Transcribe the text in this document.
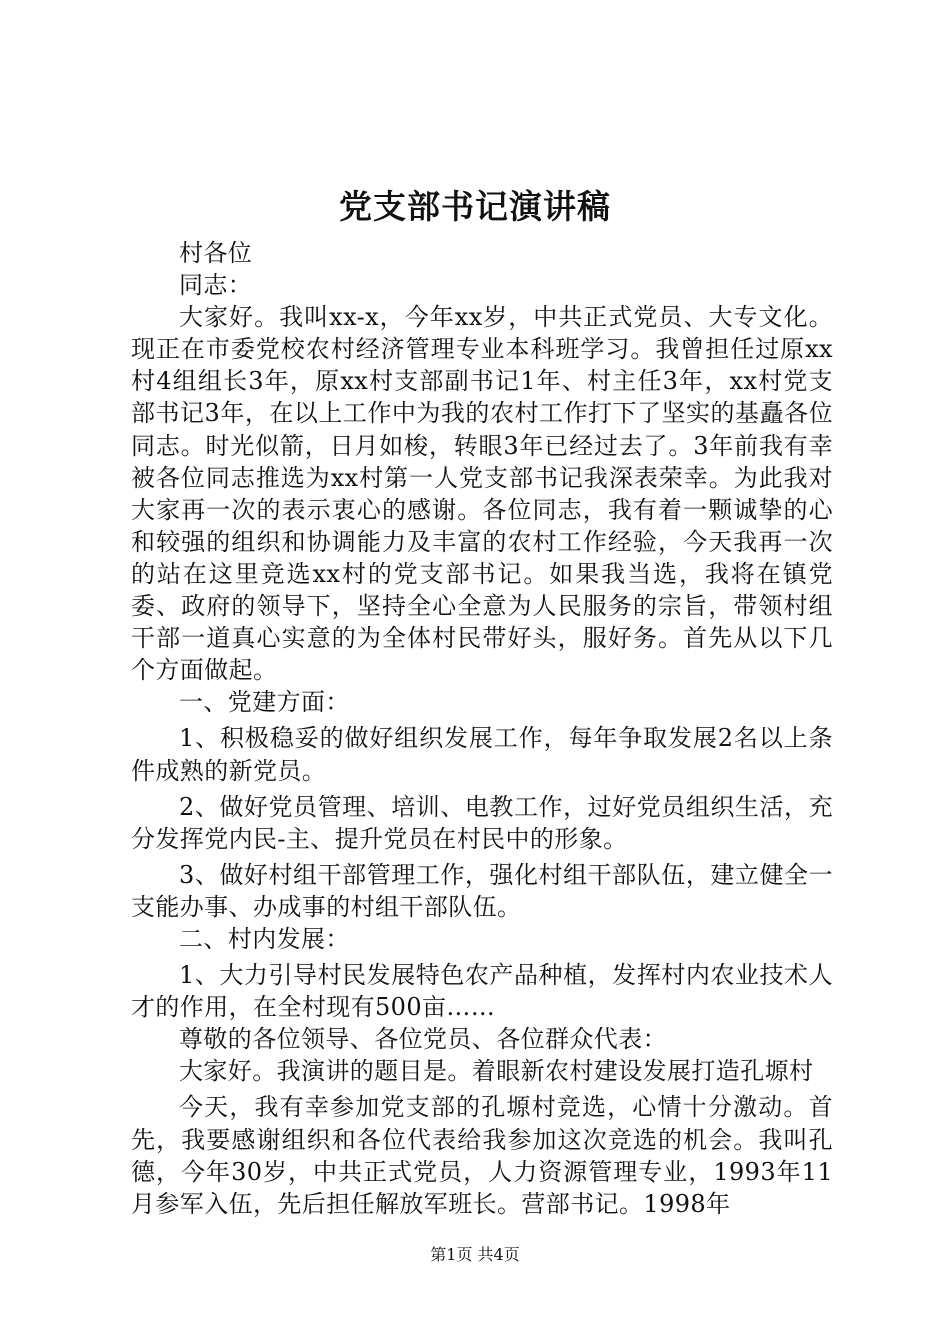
党支部书记演讲稿

村各位

同志：

大家好。我叫xx-x，今年xx岁，中共正式党员、大专文化。现正在市委党校农村经济管理专业本科班学习。我曾担任过原xx村4组组长3年，原xx村支部副书记1年、村主任3年，xx村党支部书记3年，在以上工作中为我的农村工作打下了坚实的基矗各位同志。时光似箭，日月如梭，转眼3年已经过去了。3年前我有幸被各位同志推选为xx村第一人党支部书记我深表荣幸。为此我对大家再一次的表示衷心的感谢。各位同志，我有着一颗诚挚的心和较强的组织和协调能力及丰富的农村工作经验，今天我再一次的站在这里竞选xx村的党支部书记。如果我当选，我将在镇党委、政府的领导下，坚持全心全意为人民服务的宗旨，带领村组干部一道真心实意的为全体村民带好头，服好务。首先从以下几个方面做起。

一、党建方面：

1、积极稳妥的做好组织发展工作，每年争取发展2名以上条件成熟的新党员。

2、做好党员管理、培训、电教工作，过好党员组织生活，充分发挥党内民-主、提升党员在村民中的形象。

3、做好村组干部管理工作，强化村组干部队伍，建立健全一支能办事、办成事的村组干部队伍。

二、村内发展：

1、大力引导村民发展特色农产品种植，发挥村内农业技术人才的作用，在全村现有500亩……

尊敬的各位领导、各位党员、各位群众代表：

大家好。我演讲的题目是。着眼新农村建设发展打造孔塬村

今天，我有幸参加党支部的孔塬村竞选，心情十分激动。首先，我要感谢组织和各位代表给我参加这次竞选的机会。我叫孔德，今年30岁，中共正式党员，人力资源管理专业，1993年11月参军入伍，先后担任解放军班长。营部书记。1998年

第1页 共4页
